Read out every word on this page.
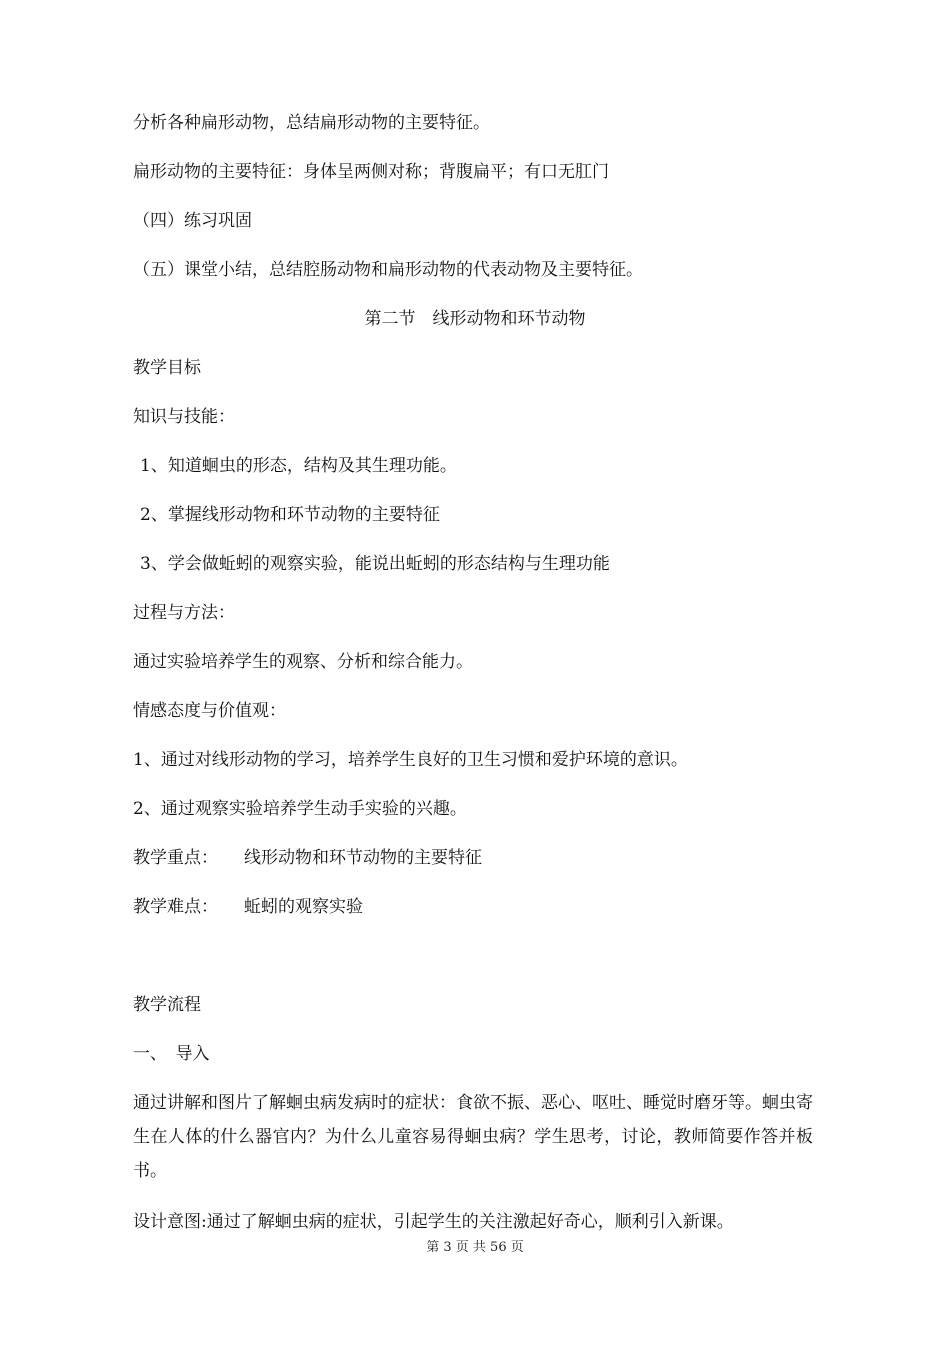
分析各种扁形动物，总结扁形动物的主要特征。
扁形动物的主要特征：身体呈两侧对称；背腹扁平；有口无肛门
（四）练习巩固
（五）课堂小结，总结腔肠动物和扁形动物的代表动物及主要特征。
第二节　线形动物和环节动物
教学目标
知识与技能：
1、知道蛔虫的形态，结构及其生理功能。
2、掌握线形动物和环节动物的主要特征
3、学会做蚯蚓的观察实验，能说出蚯蚓的形态结构与生理功能
过程与方法：
通过实验培养学生的观察、分析和综合能力。
情感态度与价值观：
1、通过对线形动物的学习，培养学生良好的卫生习惯和爱护环境的意识。
2、通过观察实验培养学生动手实验的兴趣。
教学重点： 线形动物和环节动物的主要特征
教学难点： 蚯蚓的观察实验
教学流程
一、　导入
通过讲解和图片了解蛔虫病发病时的症状：食欲不振、恶心、呕吐、睡觉时磨牙等。蛔虫寄生在人体的什么器官内？为什么儿童容易得蛔虫病？学生思考，讨论，教师简要作答并板书。
设计意图:通过了解蛔虫病的症状，引起学生的关注激起好奇心，顺利引入新课。
第 3 页 共 56 页
